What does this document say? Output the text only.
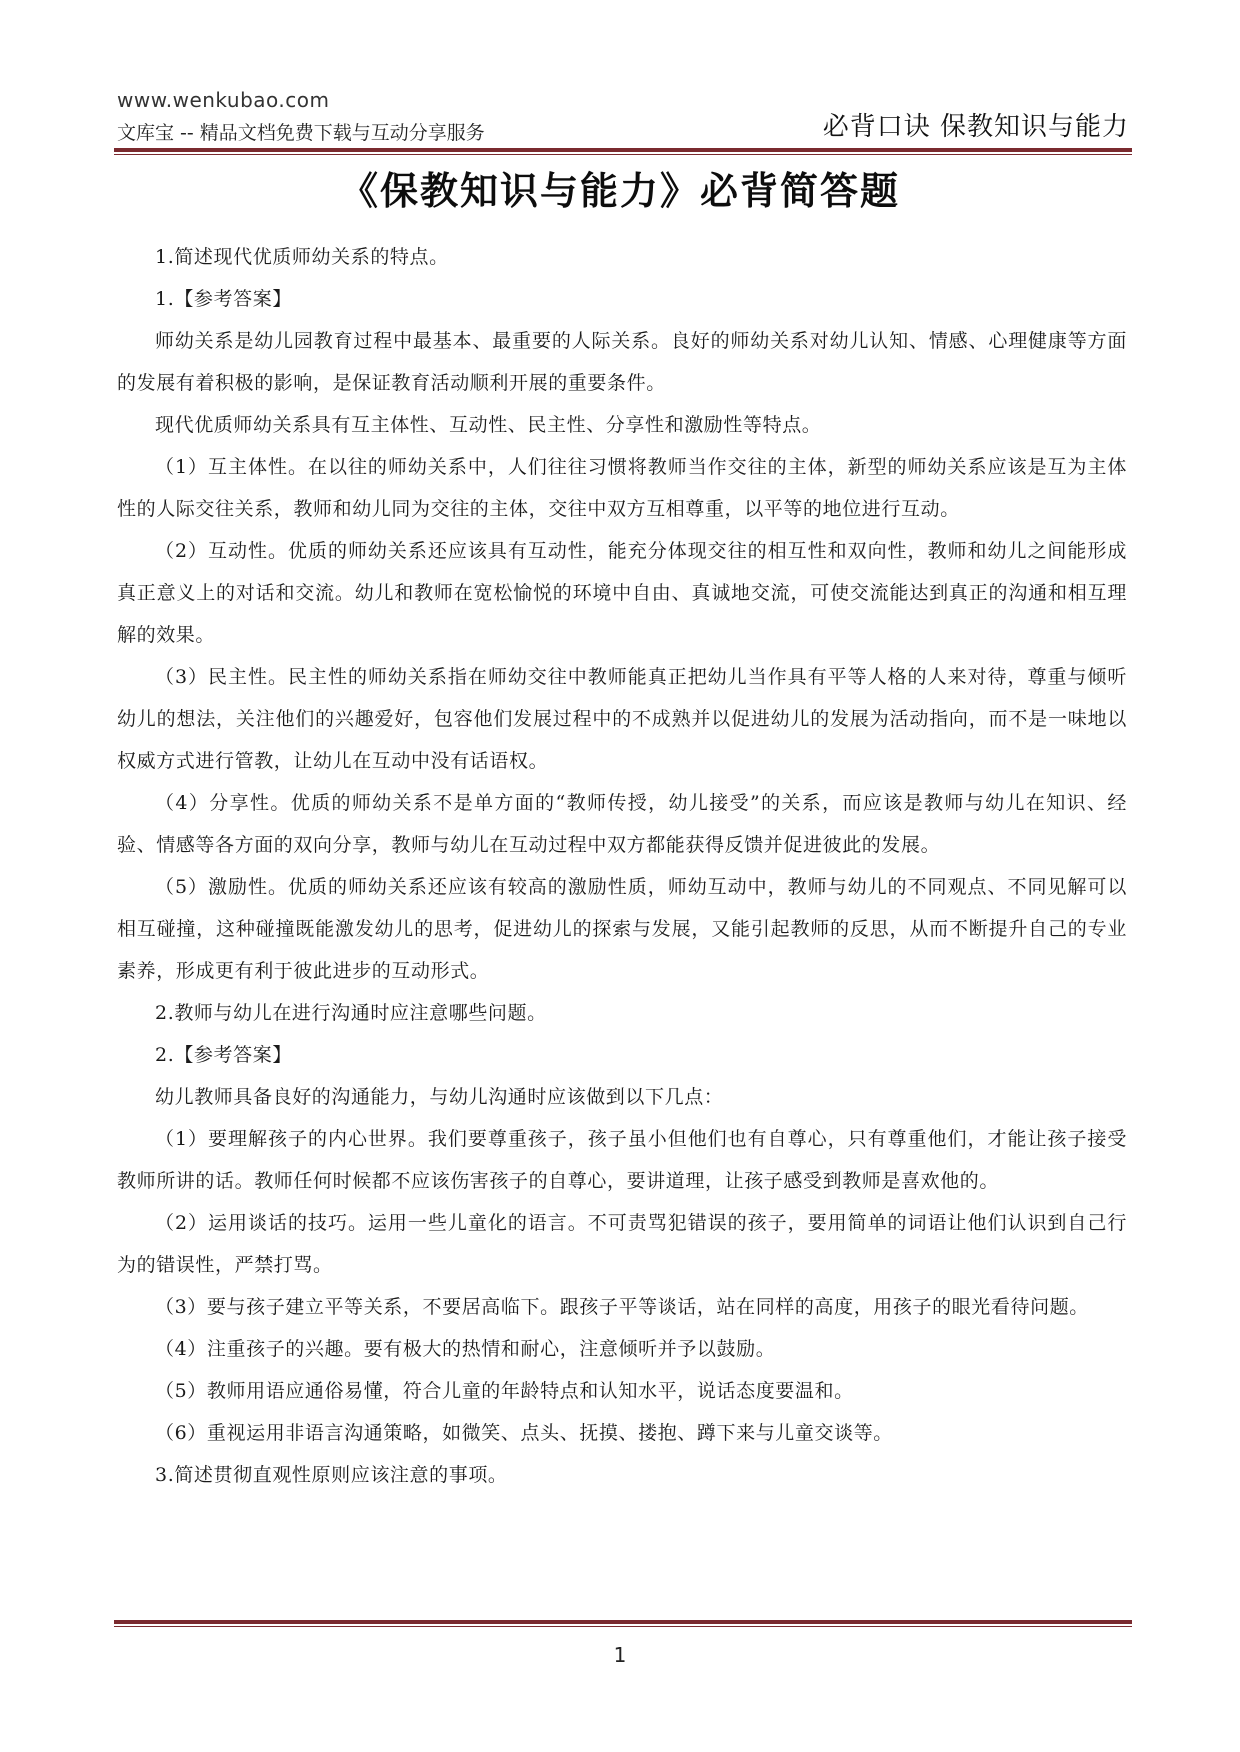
www.wenkubao.com
文库宝 -- 精品文档免费下载与互动分享服务	必背口诀 保教知识与能力
《保教知识与能力》必背简答题

1.简述现代优质师幼关系的特点。

1.【参考答案】

师幼关系是幼儿园教育过程中最基本、最重要的人际关系。良好的师幼关系对幼儿认知、情感、心理健康等方面的发展有着积极的影响，是保证教育活动顺利开展的重要条件。

现代优质师幼关系具有互主体性、互动性、民主性、分享性和激励性等特点。

（1）互主体性。在以往的师幼关系中，人们往往习惯将教师当作交往的主体，新型的师幼关系应该是互为主体性的人际交往关系，教师和幼儿同为交往的主体，交往中双方互相尊重，以平等的地位进行互动。

（2）互动性。优质的师幼关系还应该具有互动性，能充分体现交往的相互性和双向性，教师和幼儿之间能形成真正意义上的对话和交流。幼儿和教师在宽松愉悦的环境中自由、真诚地交流，可使交流能达到真正的沟通和相互理解的效果。

（3）民主性。民主性的师幼关系指在师幼交往中教师能真正把幼儿当作具有平等人格的人来对待，尊重与倾听幼儿的想法，关注他们的兴趣爱好，包容他们发展过程中的不成熟并以促进幼儿的发展为活动指向，而不是一味地以权威方式进行管教，让幼儿在互动中没有话语权。

（4）分享性。优质的师幼关系不是单方面的“教师传授，幼儿接受”的关系，而应该是教师与幼儿在知识、经验、情感等各方面的双向分享，教师与幼儿在互动过程中双方都能获得反馈并促进彼此的发展。

（5）激励性。优质的师幼关系还应该有较高的激励性质，师幼互动中，教师与幼儿的不同观点、不同见解可以相互碰撞，这种碰撞既能激发幼儿的思考，促进幼儿的探索与发展，又能引起教师的反思，从而不断提升自己的专业素养，形成更有利于彼此进步的互动形式。

2.教师与幼儿在进行沟通时应注意哪些问题。

2.【参考答案】

幼儿教师具备良好的沟通能力，与幼儿沟通时应该做到以下几点：

（1）要理解孩子的内心世界。我们要尊重孩子，孩子虽小但他们也有自尊心，只有尊重他们，才能让孩子接受教师所讲的话。教师任何时候都不应该伤害孩子的自尊心，要讲道理，让孩子感受到教师是喜欢他的。

（2）运用谈话的技巧。运用一些儿童化的语言。不可责骂犯错误的孩子，要用简单的词语让他们认识到自己行为的错误性，严禁打骂。

（3）要与孩子建立平等关系，不要居高临下。跟孩子平等谈话，站在同样的高度，用孩子的眼光看待问题。

（4）注重孩子的兴趣。要有极大的热情和耐心，注意倾听并予以鼓励。

（5）教师用语应通俗易懂，符合儿童的年龄特点和认知水平，说话态度要温和。

（6）重视运用非语言沟通策略，如微笑、点头、抚摸、搂抱、蹲下来与儿童交谈等。

3.简述贯彻直观性原则应该注意的事项。

1
